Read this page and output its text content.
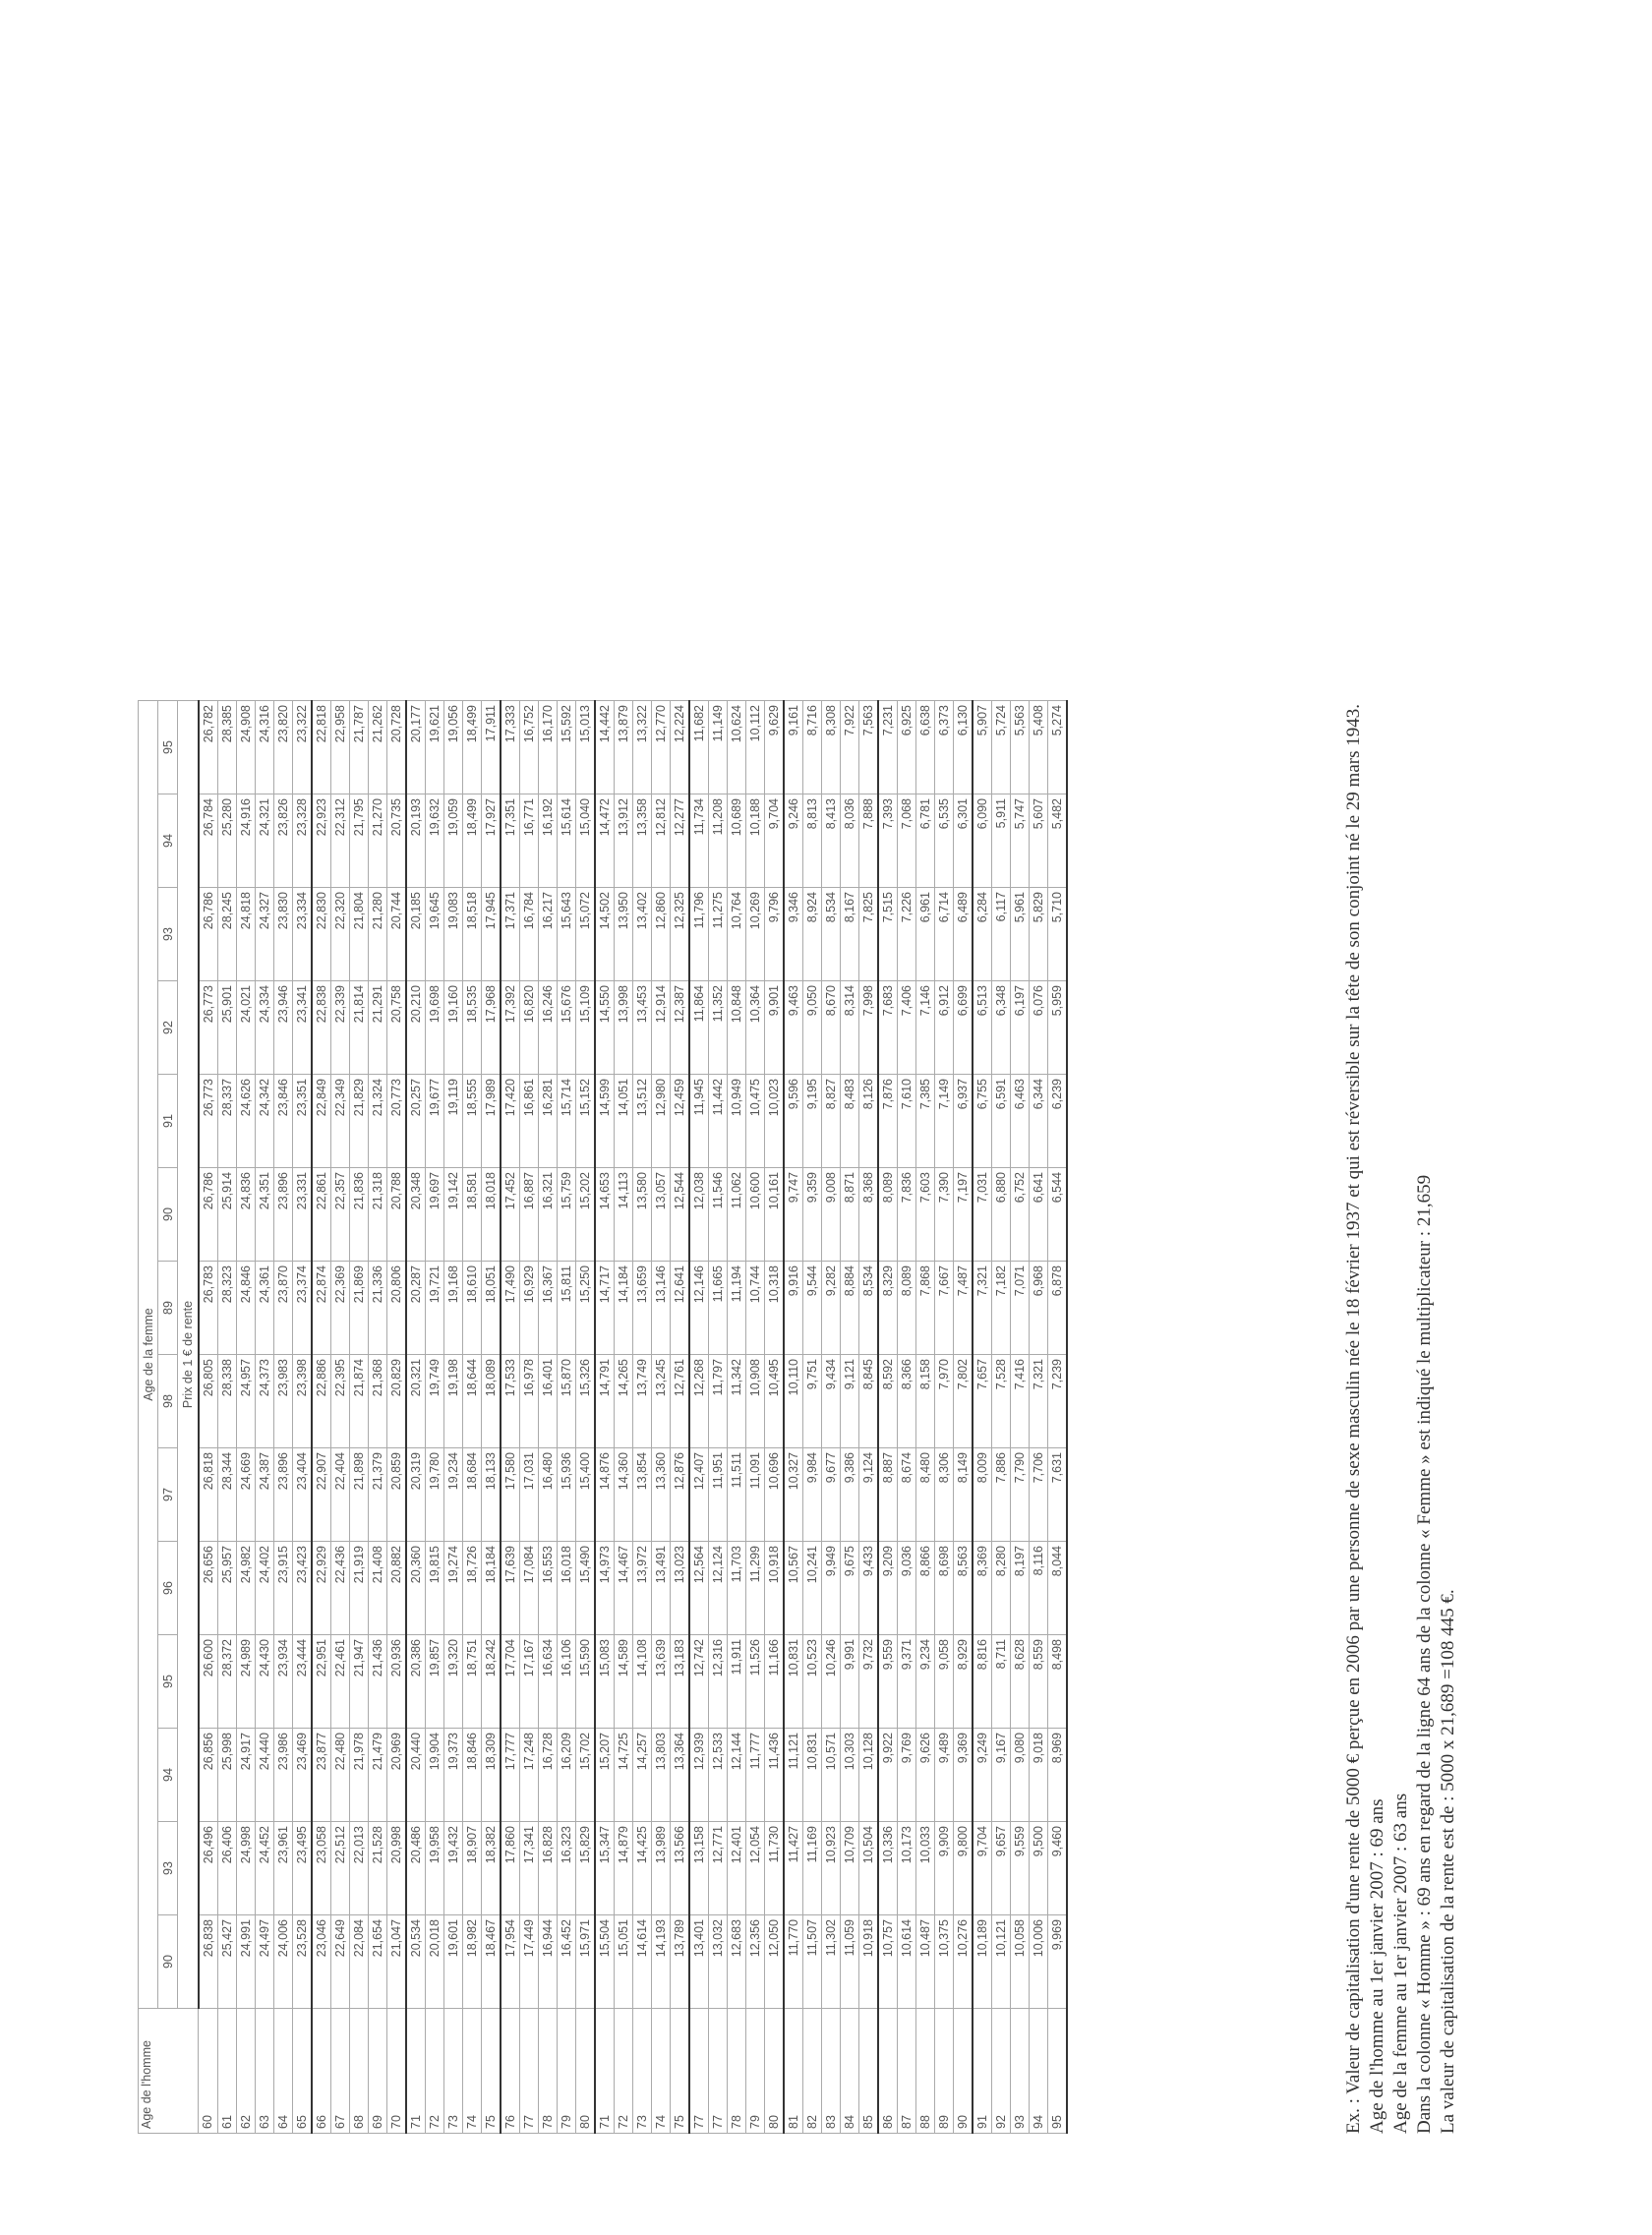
Age de l'homme	Age de la femme													
	90	93	94	95	96	97	98	89	90	91	92	93	94	95
	Prix de 1 € de rente													
60	26,838	26,496	26,856	26,600	26,656	26,818	26,805	26,783	26,786	26,773	26,773	26,786	26,784	26,782
61	25,427	26,406	25,998	28,372	25,957	28,344	28,338	28,323	25,914	28,337	25,901	28,245	25,280	28,385
62	24,991	24,998	24,917	24,989	24,982	24,669	24,957	24,846	24,836	24,626	24,021	24,818	24,916	24,908
63	24,497	24,452	24,440	24,430	24,402	24,387	24,373	24,361	24,351	24,342	24,334	24,327	24,321	24,316
64	24,006	23,961	23,986	23,934	23,915	23,896	23,983	23,870	23,896	23,846	23,946	23,830	23,826	23,820
65	23,528	23,495	23,469	23,444	23,423	23,404	23,398	23,374	23,331	23,351	23,341	23,334	23,328	23,322
66	23,046	23,058	23,877	22,951	22,929	22,907	22,886	22,874	22,861	22,849	22,838	22,830	22,923	22,818
67	22,649	22,512	22,480	22,461	22,436	22,404	22,395	22,369	22,357	22,349	22,339	22,320	22,312	22,958
68	22,084	22,013	21,978	21,947	21,919	21,898	21,874	21,869	21,836	21,829	21,814	21,804	21,795	21,787
69	21,654	21,528	21,479	21,436	21,408	21,379	21,368	21,336	21,318	21,324	21,291	21,280	21,270	21,262
70	21,047	20,998	20,969	20,936	20,882	20,859	20,829	20,806	20,788	20,773	20,758	20,744	20,735	20,728
71	20,534	20,486	20,440	20,386	20,360	20,319	20,321	20,287	20,348	20,257	20,210	20,185	20,193	20,177
72	20,018	19,958	19,904	19,857	19,815	19,780	19,749	19,721	19,697	19,677	19,698	19,645	19,632	19,621
73	19,601	19,432	19,373	19,320	19,274	19,234	19,198	19,168	19,142	19,119	19,160	19,083	19,059	19,056
74	18,982	18,907	18,846	18,751	18,726	18,684	18,644	18,610	18,581	18,555	18,535	18,518	18,499	18,499
75	18,467	18,382	18,309	18,242	18,184	18,133	18,089	18,051	18,018	17,989	17,968	17,945	17,927	17,911
76	17,954	17,860	17,777	17,704	17,639	17,580	17,533	17,490	17,452	17,420	17,392	17,371	17,351	17,333
77	17,449	17,341	17,248	17,167	17,084	17,031	16,978	16,929	16,887	16,861	16,820	16,784	16,771	16,752
78	16,944	16,828	16,728	16,634	16,553	16,480	16,401	16,367	16,321	16,281	16,246	16,217	16,192	16,170
79	16,452	16,323	16,209	16,106	16,018	15,936	15,870	15,811	15,759	15,714	15,676	15,643	15,614	15,592
80	15,971	15,829	15,702	15,590	15,490	15,400	15,326	15,250	15,202	15,152	15,109	15,072	15,040	15,013
71	15,504	15,347	15,207	15,083	14,973	14,876	14,791	14,717	14,653	14,599	14,550	14,502	14,472	14,442
72	15,051	14,879	14,725	14,589	14,467	14,360	14,265	14,184	14,113	14,051	13,998	13,950	13,912	13,879
73	14,614	14,425	14,257	14,108	13,972	13,854	13,749	13,659	13,580	13,512	13,453	13,402	13,358	13,322
74	14,193	13,989	13,803	13,639	13,491	13,360	13,245	13,146	13,057	12,980	12,914	12,860	12,812	12,770
75	13,789	13,566	13,364	13,183	13,023	12,876	12,761	12,641	12,544	12,459	12,387	12,325	12,277	12,224
77	13,401	13,158	12,939	12,742	12,564	12,407	12,268	12,146	12,038	11,945	11,864	11,796	11,734	11,682
77	13,032	12,771	12,533	12,316	12,124	11,951	11,797	11,665	11,546	11,442	11,352	11,275	11,208	11,149
78	12,683	12,401	12,144	11,911	11,703	11,511	11,342	11,194	11,062	10,949	10,848	10,764	10,689	10,624
79	12,356	12,054	11,777	11,526	11,299	11,091	10,908	10,744	10,600	10,475	10,364	10,269	10,188	10,112
80	12,050	11,730	11,436	11,166	10,918	10,696	10,495	10,318	10,161	10,023	9,901	9,796	9,704	9,629
81	11,770	11,427	11,121	10,831	10,567	10,327	10,110	9,916	9,747	9,596	9,463	9,346	9,246	9,161
82	11,507	11,169	10,831	10,523	10,241	9,984	9,751	9,544	9,359	9,195	9,050	8,924	8,813	8,716
83	11,302	10,923	10,571	10,246	9,949	9,677	9,434	9,282	9,008	8,827	8,670	8,534	8,413	8,308
84	11,059	10,709	10,303	9,991	9,675	9,386	9,121	8,884	8,871	8,483	8,314	8,167	8,036	7,922
85	10,918	10,504	10,128	9,732	9,433	9,124	8,845	8,534	8,368	8,126	7,998	7,825	7,888	7,563
86	10,757	10,336	9,922	9,559	9,209	8,887	8,592	8,329	8,089	7,876	7,683	7,515	7,393	7,231
87	10,614	10,173	9,769	9,371	9,036	8,674	8,366	8,089	7,836	7,610	7,406	7,226	7,068	6,925
88	10,487	10,033	9,626	9,234	8,866	8,480	8,158	7,868	7,603	7,385	7,146	6,961	6,781	6,638
89	10,375	9,909	9,489	9,058	8,698	8,306	7,970	7,667	7,390	7,149	6,912	6,714	6,535	6,373
90	10,276	9,800	9,369	8,929	8,563	8,149	7,802	7,487	7,197	6,937	6,699	6,489	6,301	6,130
91	10,189	9,704	9,249	8,816	8,369	8,009	7,657	7,321	7,031	6,755	6,513	6,284	6,090	5,907
92	10,121	9,657	9,167	8,711	8,280	7,886	7,528	7,182	6,880	6,591	6,348	6,117	5,911	5,724
93	10,058	9,559	9,080	8,628	8,197	7,790	7,416	7,071	6,752	6,463	6,197	5,961	5,747	5,563
94	10,006	9,500	9,018	8,559	8,116	7,706	7,321	6,968	6,641	6,344	6,076	5,829	5,607	5,408
95	9,969	9,460	8,969	8,498	8,044	7,631	7,239	6,878	6,544	6,239	5,959	5,710	5,482	5,274	Ex. : Valeur de capitalisation d'une rente de 5000 € perçue en 2006 par une personne de sexe masculin née le 18 février 1937 et qui est réversible sur la tête de son conjoint né le 29 mars 1943. Age de l'homme au 1er janvier 2007 : 69 ans Age de la femme au 1er janvier 2007 : 63 ans Dans la colonne « Homme » : 69 ans en regard de la ligne 64 ans de la colonne « Femme » est indiqué le multiplicateur : 21,659 La valeur de capitalisation de la rente est de : 5000 x 21,689 =108 445 €.
